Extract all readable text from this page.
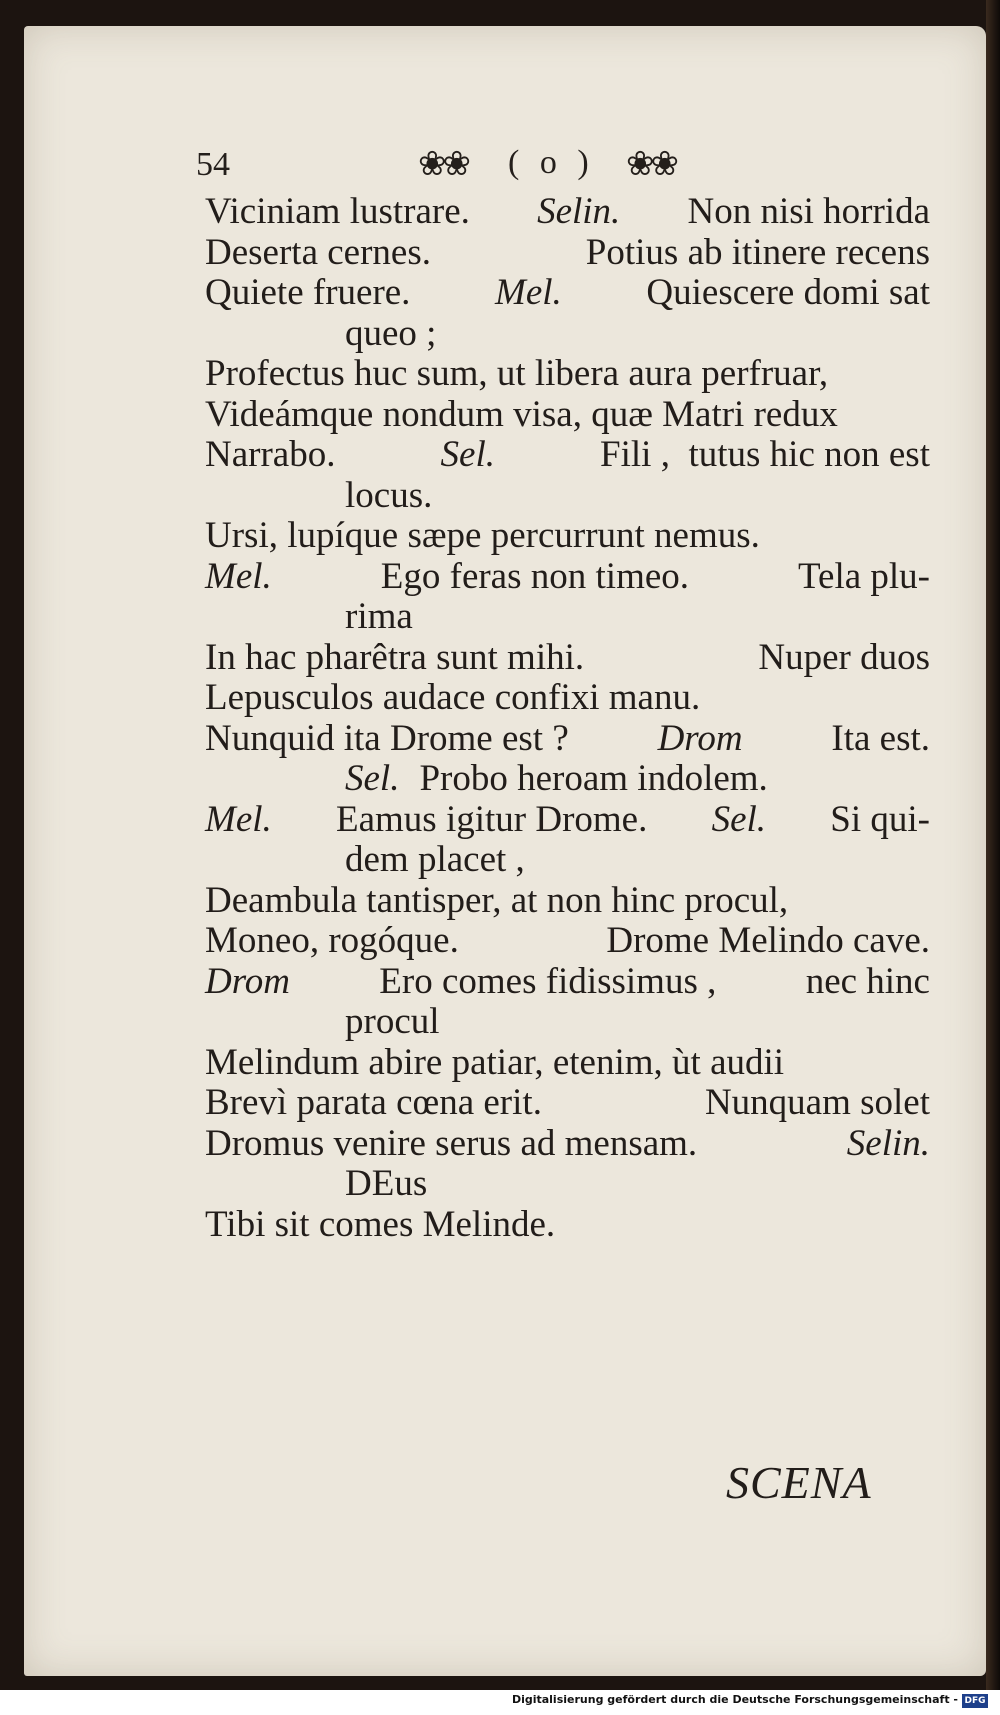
54	❀❀ ( o ) ❀❀
Viciniam lustrare. Selin. Non nisi horrida
Deserta cernes.	Potius ab itinere recens
Quiete fruere. Mel. Quiescere domi sat
queo ;
Profectus huc sum, ut libera aura perfruar,
Videámque nondum visa, quæ Matri redux
Narrabo.	Sel.	Fili ,  tutus hic non est
locus.
Ursi, lupíque sæpe percurrunt nemus.
Mel.	Ego feras non timeo.	Tela plu-
rima
In hac pharêtra sunt mihi.	Nuper duos
Lepusculos audace confixi manu.
Nunquid ita Drome est ? Drom Ita est.
Sel. Probo heroam indolem.
Mel. Eamus igitur Drome. Sel. Si qui-
dem placet ,
Deambula tantisper, at non hinc procul,
Moneo, rogóque.	Drome Melindo cave.
Drom Ero comes fidissimus , nec hinc
procul
Melindum abire patiar, etenim, ùt audii
Brevì parata cœna erit.	Nunquam solet
Dromus venire serus ad mensam.	Selin.
DEus
Tibi sit comes Melinde.
SCENA
Digitalisierung gefördert durch die Deutsche Forschungsgemeinschaft - DFG
